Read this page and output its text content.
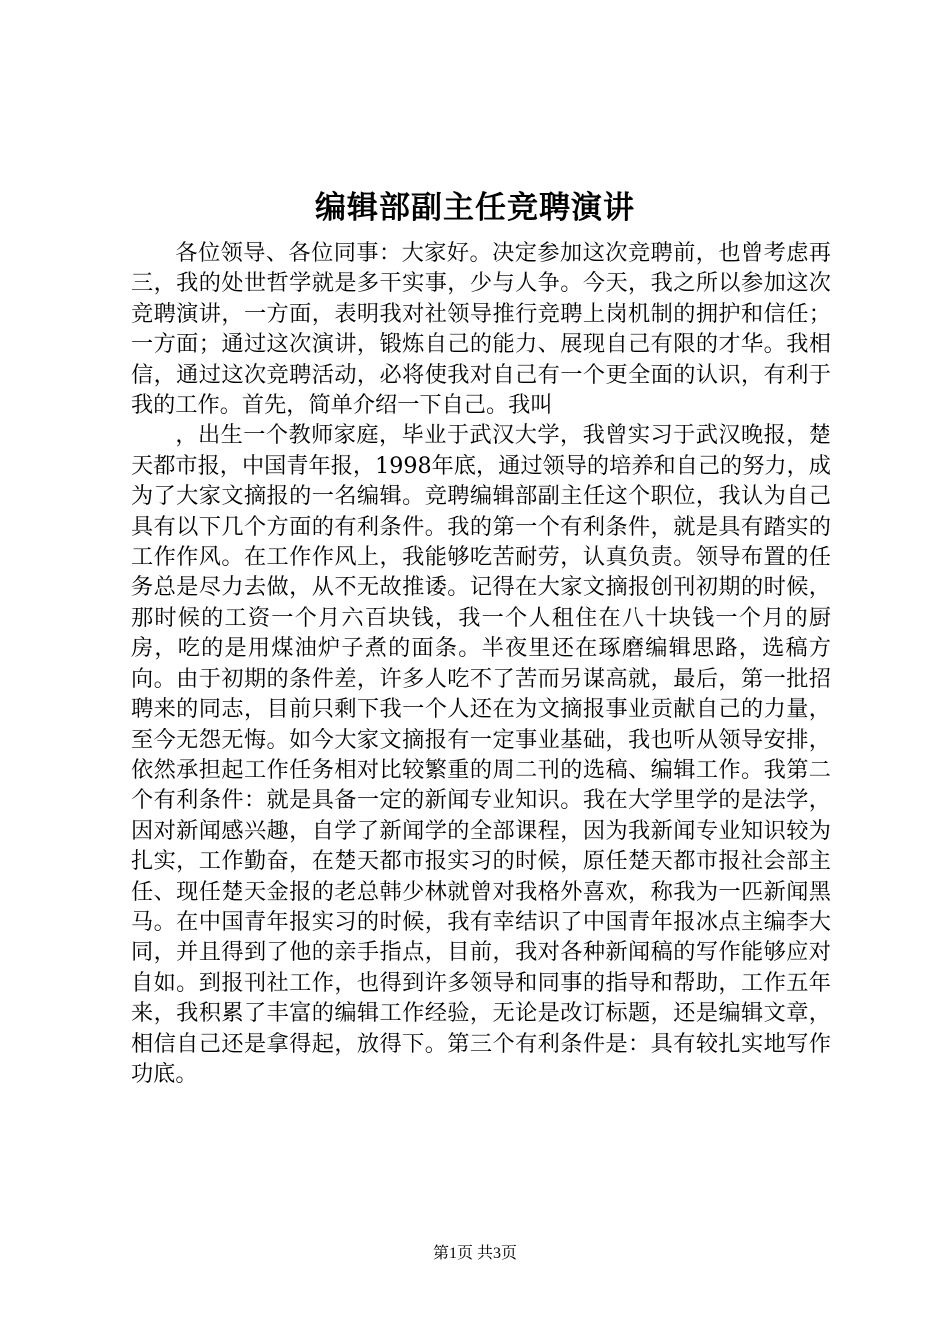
编辑部副主任竞聘演讲

各位领导、各位同事：大家好。决定参加这次竞聘前，也曾考虑再三，我的处世哲学就是多干实事，少与人争。今天，我之所以参加这次竞聘演讲，一方面，表明我对社领导推行竞聘上岗机制的拥护和信任；一方面；通过这次演讲，锻炼自己的能力、展现自己有限的才华。我相信，通过这次竞聘活动，必将使我对自己有一个更全面的认识，有利于我的工作。首先，简单介绍一下自己。我叫

，出生一个教师家庭，毕业于武汉大学，我曾实习于武汉晚报，楚天都市报，中国青年报，1998年底，通过领导的培养和自己的努力，成为了大家文摘报的一名编辑。竞聘编辑部副主任这个职位，我认为自己具有以下几个方面的有利条件。我的第一个有利条件，就是具有踏实的工作作风。在工作作风上，我能够吃苦耐劳，认真负责。领导布置的任务总是尽力去做，从不无故推诿。记得在大家文摘报创刊初期的时候，那时候的工资一个月六百块钱，我一个人租住在八十块钱一个月的厨房，吃的是用煤油炉子煮的面条。半夜里还在琢磨编辑思路，选稿方向。由于初期的条件差，许多人吃不了苦而另谋高就，最后，第一批招聘来的同志，目前只剩下我一个人还在为文摘报事业贡献自己的力量，至今无怨无悔。如今大家文摘报有一定事业基础，我也听从领导安排，依然承担起工作任务相对比较繁重的周二刊的选稿、编辑工作。我第二个有利条件：就是具备一定的新闻专业知识。我在大学里学的是法学，因对新闻感兴趣，自学了新闻学的全部课程，因为我新闻专业知识较为扎实，工作勤奋，在楚天都市报实习的时候，原任楚天都市报社会部主任、现任楚天金报的老总韩少林就曾对我格外喜欢，称我为一匹新闻黑马。在中国青年报实习的时候，我有幸结识了中国青年报冰点主编李大同，并且得到了他的亲手指点，目前，我对各种新闻稿的写作能够应对自如。到报刊社工作，也得到许多领导和同事的指导和帮助，工作五年来，我积累了丰富的编辑工作经验，无论是改订标题，还是编辑文章，相信自己还是拿得起，放得下。第三个有利条件是：具有较扎实地写作功底。

第1页 共3页
